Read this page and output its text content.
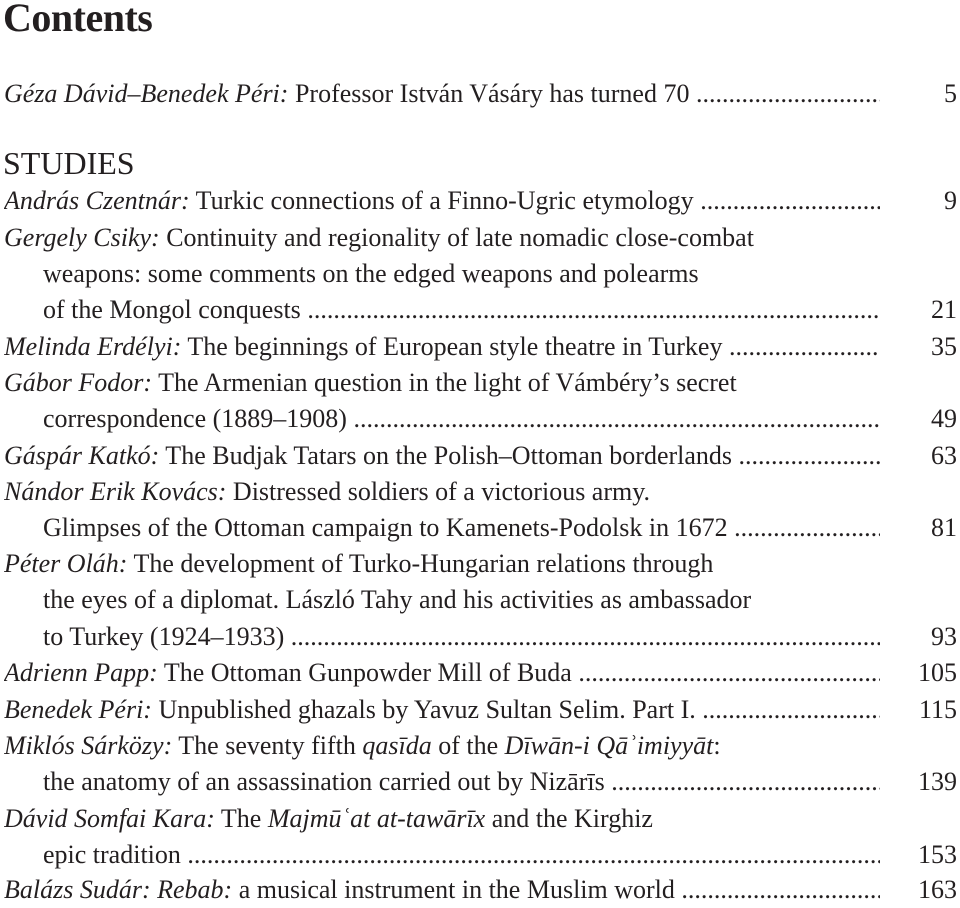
Contents
Géza Dávid–Benedek Péri: Professor István Vásáry has turned 70 .....	5
STUDIES
András Czentnár: Turkic connections of a Finno-Ugric etymology .....	9
Gergely Csiky: Continuity and regionality of late nomadic close-combat
weapons: some comments on the edged weapons and polearms
of the Mongol conquests .....	21
Melinda Erdélyi: The beginnings of European style theatre in Turkey .....	35
Gábor Fodor: The Armenian question in the light of Vámbéry’s secret
correspondence (1889–1908) .....	49
Gáspár Katkó: The Budjak Tatars on the Polish–Ottoman borderlands .....	63
Nándor Erik Kovács: Distressed soldiers of a victorious army.
Glimpses of the Ottoman campaign to Kamenets-Podolsk in 1672 .....	81
Péter Oláh: The development of Turko-Hungarian relations through
the eyes of a diplomat. László Tahy and his activities as ambassador
to Turkey (1924–1933) .....	93
Adrienn Papp: The Ottoman Gunpowder Mill of Buda .....	105
Benedek Péri: Unpublished ghazals by Yavuz Sultan Selim. Part I. .....	115
Miklós Sárközy: The seventy fifth qasīda of the Dīwān-i Qāʾimiyyāt:
the anatomy of an assassination carried out by Nizārīs .....	139
Dávid Somfai Kara: The Majmūʿat at-tawārīx and the Kirghiz
epic tradition .....	153
Balázs Sudár: Rebab: a musical instrument in the Muslim world .....	163
